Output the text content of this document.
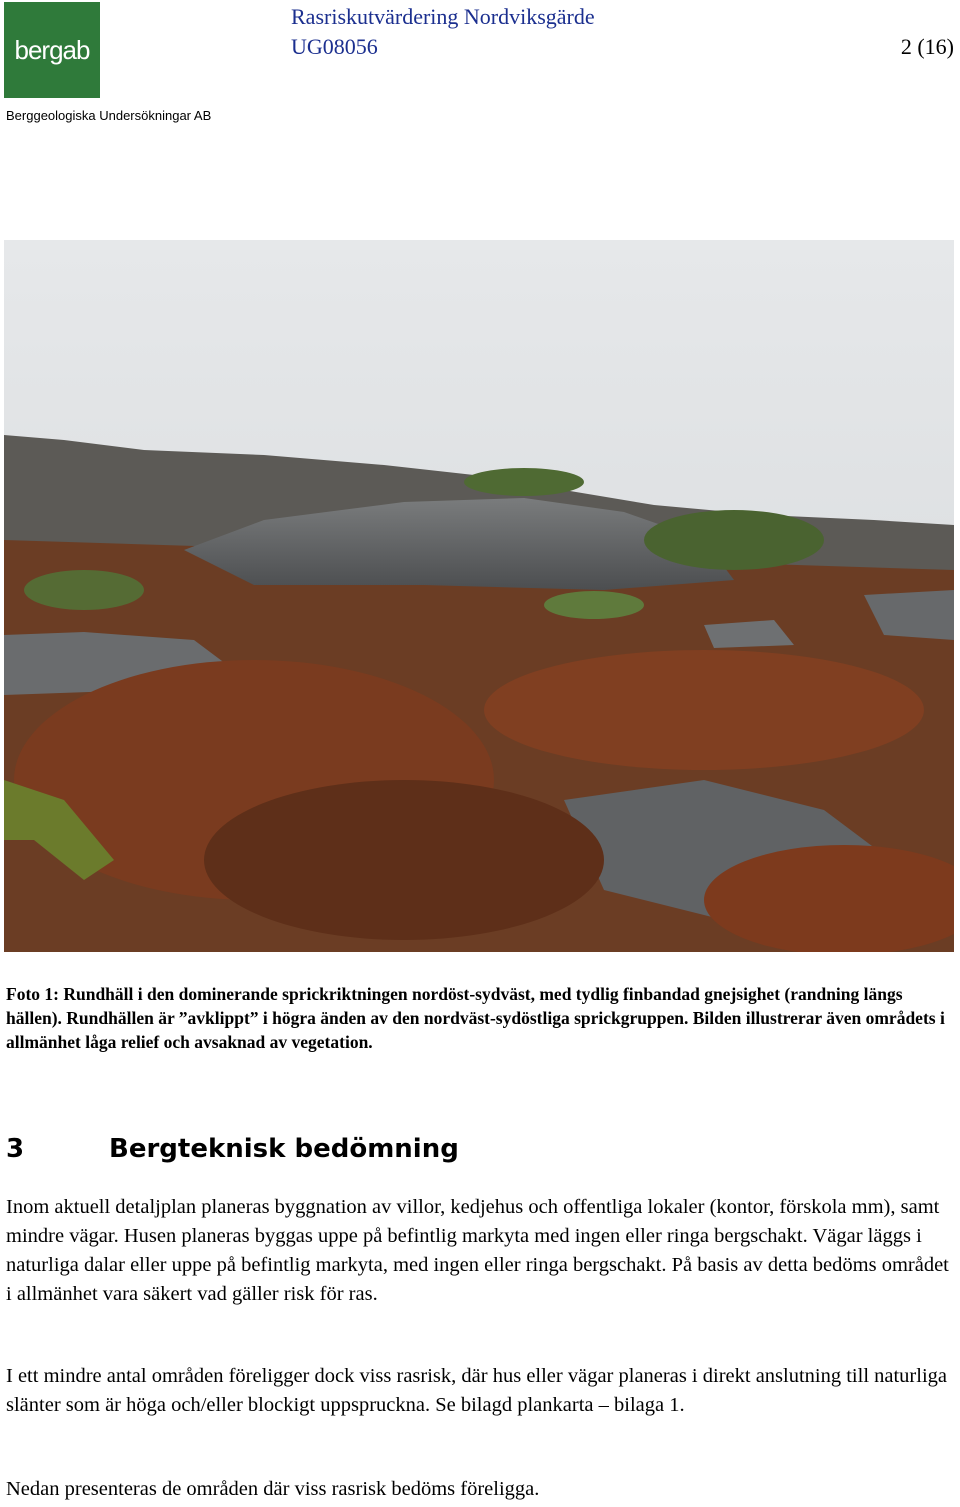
bergab
Berggeologiska Undersökningar AB
Rasriskutvärdering Nordviksgärde
UG08056	2 (16)
Foto 1: Rundhäll i den dominerande sprickriktningen nordöst-sydväst, med tydlig finbandad gnejsighet (randning längs hällen). Rundhällen är ”avklippt” i högra änden av den nordväst-sydöstliga sprickgruppen. Bilden illustrerar även områdets i allmänhet låga relief och avsaknad av vegetation.
3	Bergteknisk bedömning
Inom aktuell detaljplan planeras byggnation av villor, kedjehus och offentliga lokaler (kontor, förskola mm), samt mindre vägar. Husen planeras byggas uppe på befintlig markyta med ingen eller ringa bergschakt. Vägar läggs i naturliga dalar eller uppe på befintlig markyta, med ingen eller ringa bergschakt. På basis av detta bedöms området i allmänhet vara säkert vad gäller risk för ras.
I ett mindre antal områden föreligger dock viss rasrisk, där hus eller vägar planeras i direkt anslutning till naturliga slänter som är höga och/eller blockigt uppsprucknа. Se bilagd plankarta – bilaga 1.
Nedan presenteras de områden där viss rasrisk bedöms föreligga.
